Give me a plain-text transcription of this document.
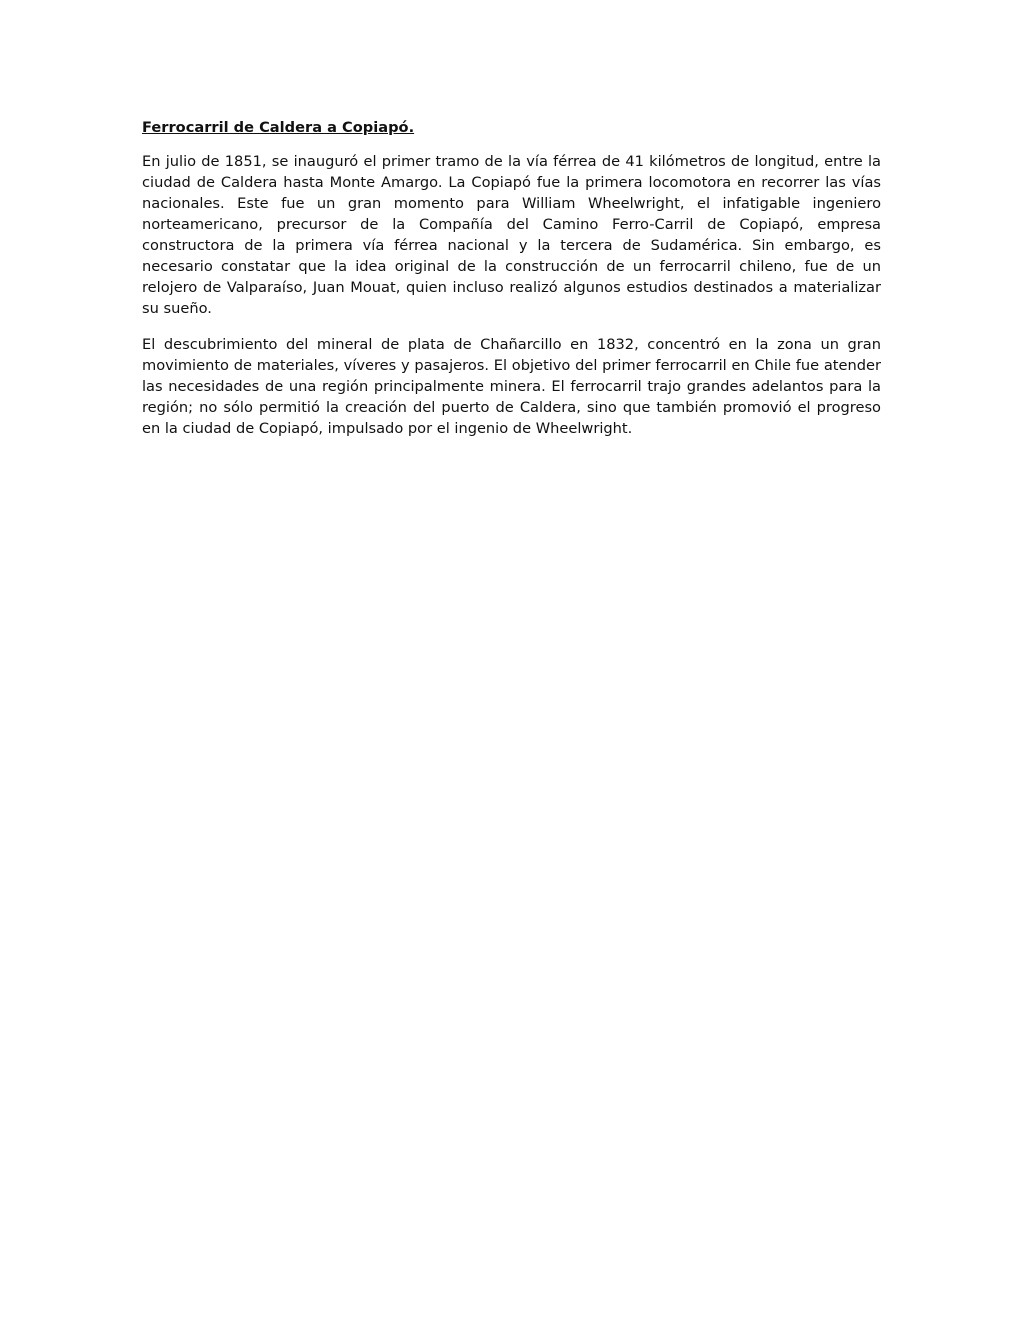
Ferrocarril de Caldera a Copiapó.

En julio de 1851, se inauguró el primer tramo de la vía férrea de 41 kilómetros de longitud, entre la ciudad de Caldera hasta Monte Amargo. La Copiapó fue la primera locomotora en recorrer las vías nacionales. Este fue un gran momento para William Wheelwright, el infatigable ingeniero norteamericano, precursor de la Compañía del Camino Ferro-Carril de Copiapó, empresa constructora de la primera vía férrea nacional y la tercera de Sudamérica. Sin embargo, es necesario constatar que la idea original de la construcción de un ferrocarril chileno, fue de un relojero de Valparaíso, Juan Mouat, quien incluso realizó algunos estudios destinados a materializar su sueño.

El descubrimiento del mineral de plata de Chañarcillo en 1832, concentró en la zona un gran movimiento de materiales, víveres y pasajeros. El objetivo del primer ferrocarril en Chile fue atender las necesidades de una región principalmente minera. El ferrocarril trajo grandes adelantos para la región; no sólo permitió la creación del puerto de Caldera, sino que también promovió el progreso en la ciudad de Copiapó, impulsado por el ingenio de Wheelwright.
